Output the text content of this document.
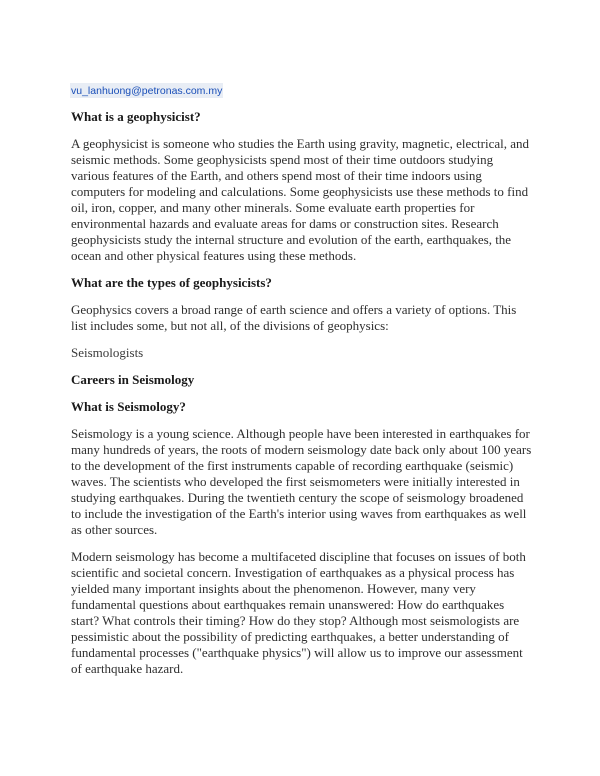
vu_lanhuong@petronas.com.my

What is a geophysicist?

A geophysicist is someone who studies the Earth using gravity, magnetic, electrical, and seismic methods. Some geophysicists spend most of their time outdoors studying various features of the Earth, and others spend most of their time indoors using computers for modeling and calculations. Some geophysicists use these methods to find oil, iron, copper, and many other minerals. Some evaluate earth properties for environmental hazards and evaluate areas for dams or construction sites. Research geophysicists study the internal structure and evolution of the earth, earthquakes, the ocean and other physical features using these methods.

What are the types of geophysicists?

Geophysics covers a broad range of earth science and offers a variety of options. This list includes some, but not all, of the divisions of geophysics:

Seismologists

Careers in Seismology

What is Seismology?

Seismology is a young science. Although people have been interested in earthquakes for many hundreds of years, the roots of modern seismology date back only about 100 years to the development of the first instruments capable of recording earthquake (seismic) waves. The scientists who developed the first seismometers were initially interested in studying earthquakes. During the twentieth century the scope of seismology broadened to include the investigation of the Earth's interior using waves from earthquakes as well as other sources.

Modern seismology has become a multifaceted discipline that focuses on issues of both scientific and societal concern. Investigation of earthquakes as a physical process has yielded many important insights about the phenomenon. However, many very fundamental questions about earthquakes remain unanswered: How do earthquakes start? What controls their timing? How do they stop? Although most seismologists are pessimistic about the possibility of predicting earthquakes, a better understanding of fundamental processes ("earthquake physics") will allow us to improve our assessment of earthquake hazard.
